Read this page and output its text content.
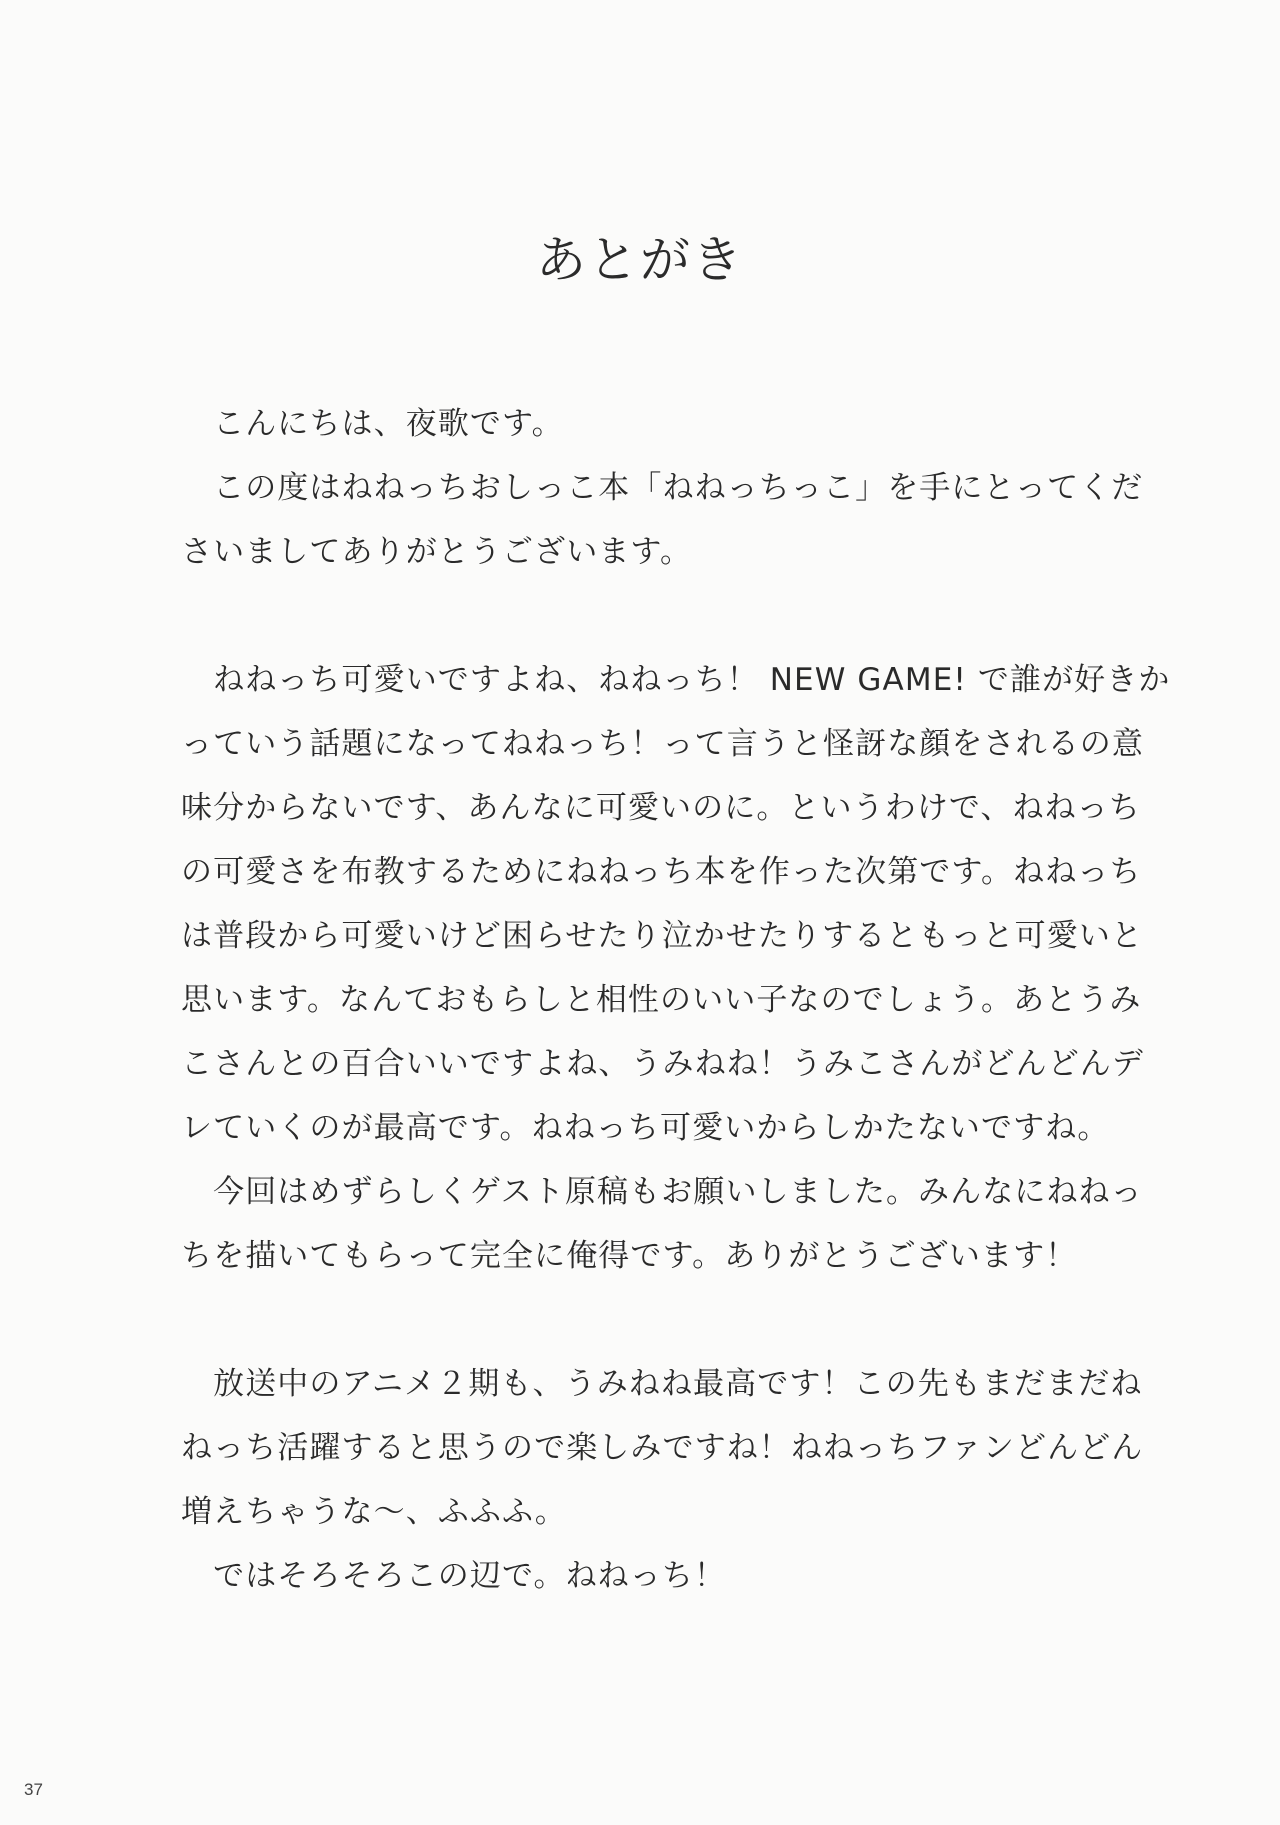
あとがき
　こんにちは、夜歌です。
　この度はねねっちおしっこ本「ねねっちっこ」を手にとってくだ
さいましてありがとうございます。
　ねねっち可愛いですよね、ねねっち！ NEW GAME! で誰が好きか
っていう話題になってねねっち！って言うと怪訝な顔をされるの意
味分からないです、あんなに可愛いのに。というわけで、ねねっち
の可愛さを布教するためにねねっち本を作った次第です。ねねっち
は普段から可愛いけど困らせたり泣かせたりするともっと可愛いと
思います。なんておもらしと相性のいい子なのでしょう。あとうみ
こさんとの百合いいですよね、うみねね！うみこさんがどんどんデ
レていくのが最高です。ねねっち可愛いからしかたないですね。
　今回はめずらしくゲスト原稿もお願いしました。みんなにねねっ
ちを描いてもらって完全に俺得です。ありがとうございます！
　放送中のアニメ２期も、うみねね最高です！この先もまだまだね
ねっち活躍すると思うので楽しみですね！ねねっちファンどんどん
増えちゃうな〜、ふふふ。
　ではそろそろこの辺で。ねねっち！
37
